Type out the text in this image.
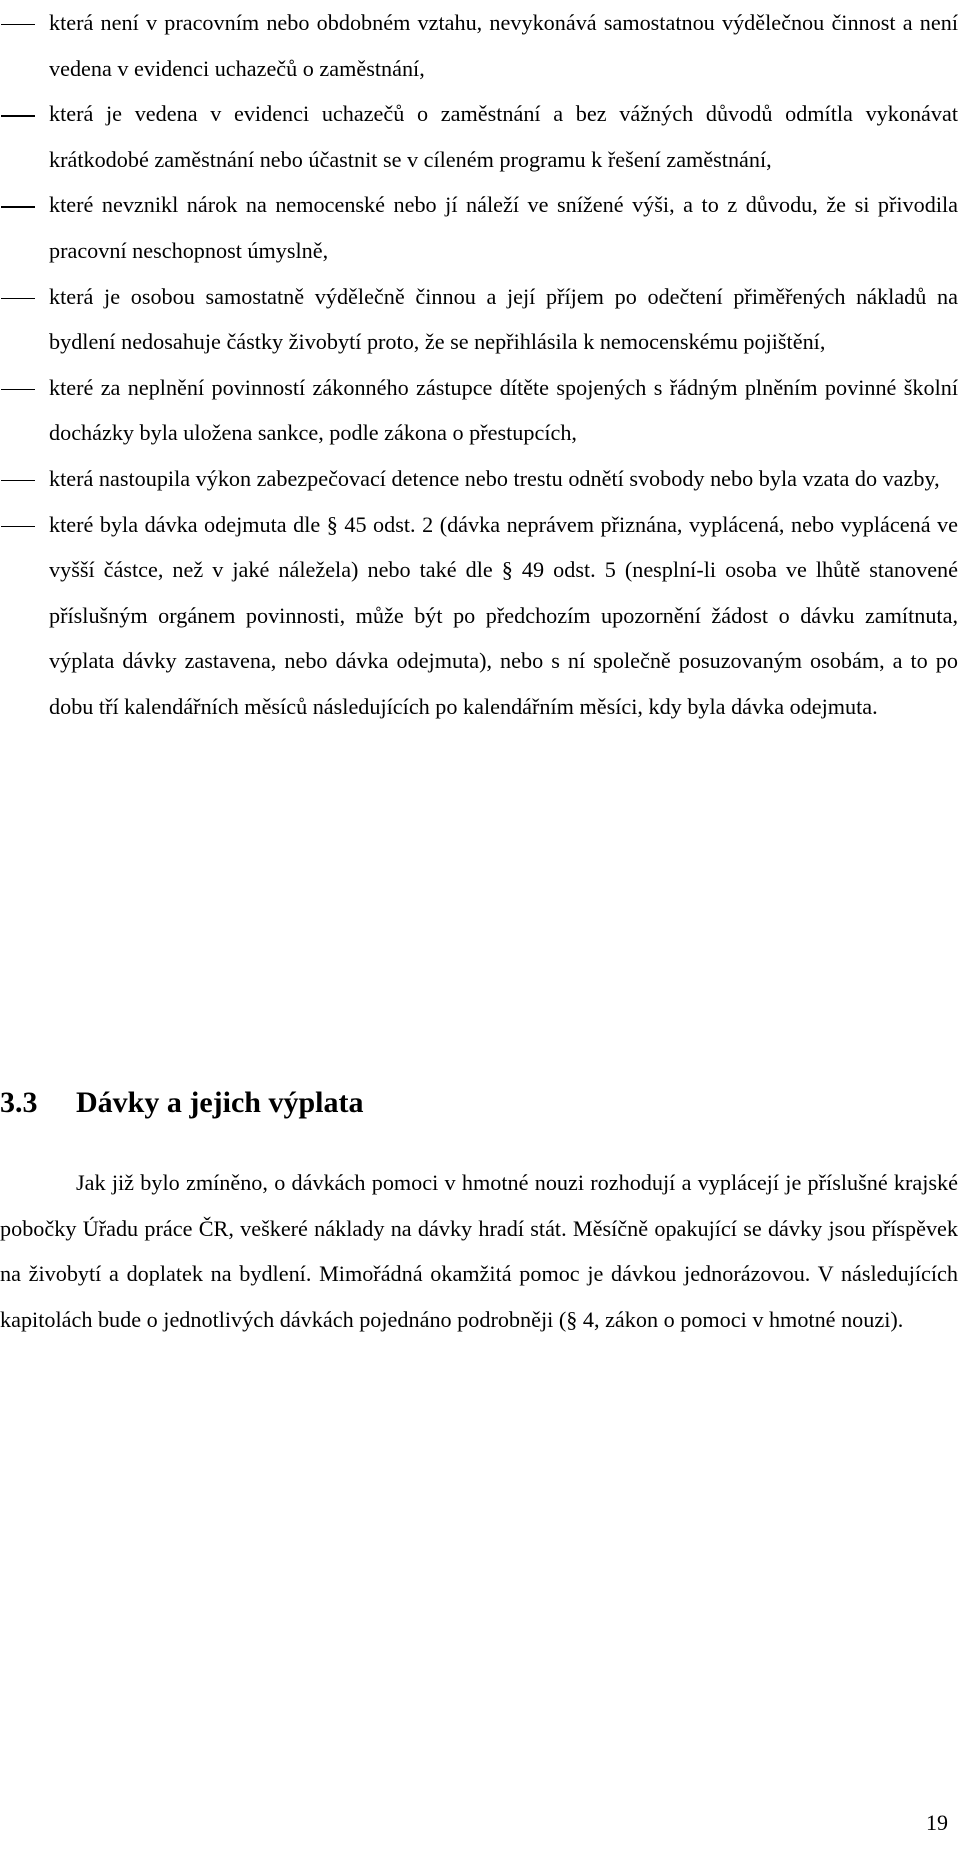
která není v pracovním nebo obdobném vztahu, nevykonává samostatnou výdělečnou činnost a není vedena v evidenci uchazečů o zaměstnání,
která je vedena v evidenci uchazečů o zaměstnání a bez vážných důvodů odmítla vykonávat krátkodobé zaměstnání nebo účastnit se v cíleném programu k řešení zaměstnání,
které nevznikl nárok na nemocenské nebo jí náleží ve snížené výši, a to z důvodu, že si přivodila pracovní neschopnost úmyslně,
která je osobou samostatně výdělečně činnou a její příjem po odečtení přiměřených nákladů na bydlení nedosahuje částky živobytí proto, že se nepřihlásila k nemocenskému pojištění,
které za neplnění povinností zákonného zástupce dítěte spojených s řádným plněním povinné školní docházky byla uložena sankce, podle zákona o přestupcích,
která nastoupila výkon zabezpečovací detence nebo trestu odnětí svobody nebo byla vzata do vazby,
které byla dávka odejmuta dle § 45 odst. 2 (dávka neprávem přiznána, vyplácená, nebo vyplácená ve vyšší částce, než v jaké náležela) nebo také dle § 49 odst. 5 (nesplní-li osoba ve lhůtě stanovené příslušným orgánem povinnosti, může být po předchozím upozornění žádost o dávku zamítnuta, výplata dávky zastavena, nebo dávka odejmuta), nebo s ní společně posuzovaným osobám, a to po dobu tří kalendářních měsíců následujících po kalendářním měsíci, kdy byla dávka odejmuta.
3.3 Dávky a jejich výplata

Jak již bylo zmíněno, o dávkách pomoci v hmotné nouzi rozhodují a vyplácejí je příslušné krajské pobočky Úřadu práce ČR, veškeré náklady na dávky hradí stát. Měsíčně opakující se dávky jsou příspěvek na živobytí a doplatek na bydlení. Mimořádná okamžitá pomoc je dávkou jednorázovou. V následujících kapitolách bude o jednotlivých dávkách pojednáno podrobněji (§ 4, zákon o pomoci v hmotné nouzi).

19
